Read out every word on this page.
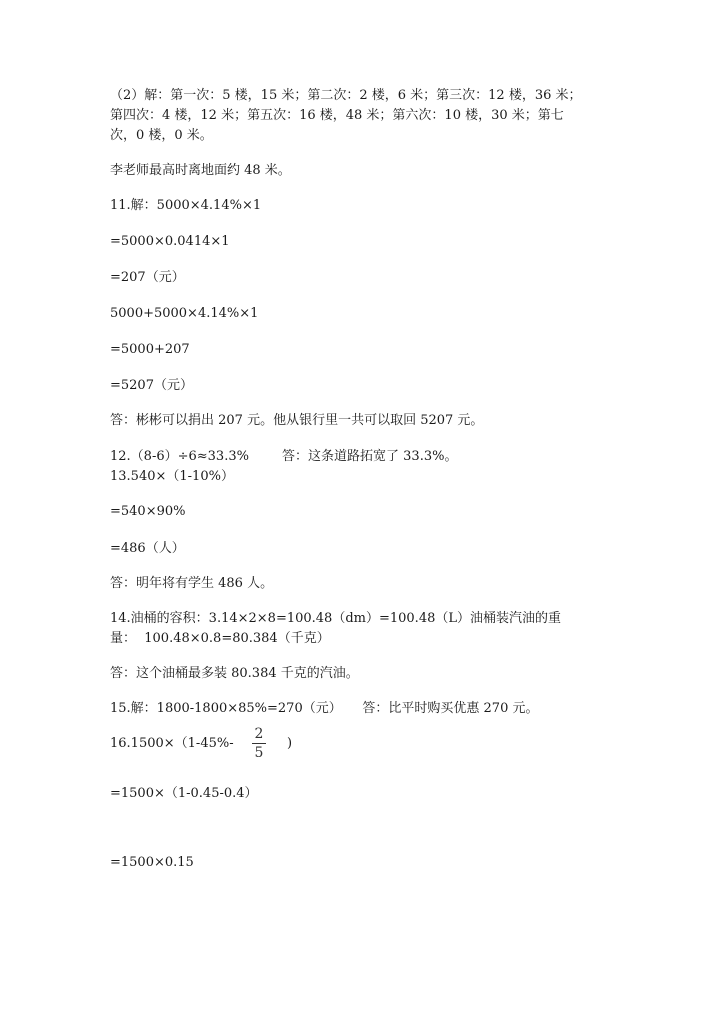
（2）解：第一次：5 楼，15 米；第二次：2 楼，6 米；第三次：12 楼，36 米；
第四次：4 楼，12 米；第五次：16 楼，48 米；第六次：10 楼，30 米；第七
次，0 楼，0 米。
李老师最高时离地面约 48 米。
11.解：5000×4.14%×1
=5000×0.0414×1
=207（元）
5000+5000×4.14%×1
=5000+207
=5207（元）
答：彬彬可以捐出 207 元。他从银行里一共可以取回 5207 元。
12.（8-6）÷6≈33.3%        答：这条道路拓宽了 33.3%。
13.540×（1-10%）
=540×90%
=486（人）
答：明年将有学生 486 人。
14.油桶的容积：3.14×2×8=100.48（dm）=100.48（L）油桶装汽油的重
量：  100.48×0.8=80.384（千克）
答：这个油桶最多装 80.384 千克的汽油。
15.解：1800-1800×85%=270（元）     答：比平时购买优惠 270 元。
16.1500×（1-45%-
2
5
)
=1500×（1-0.45-0.4）
=1500×0.15
